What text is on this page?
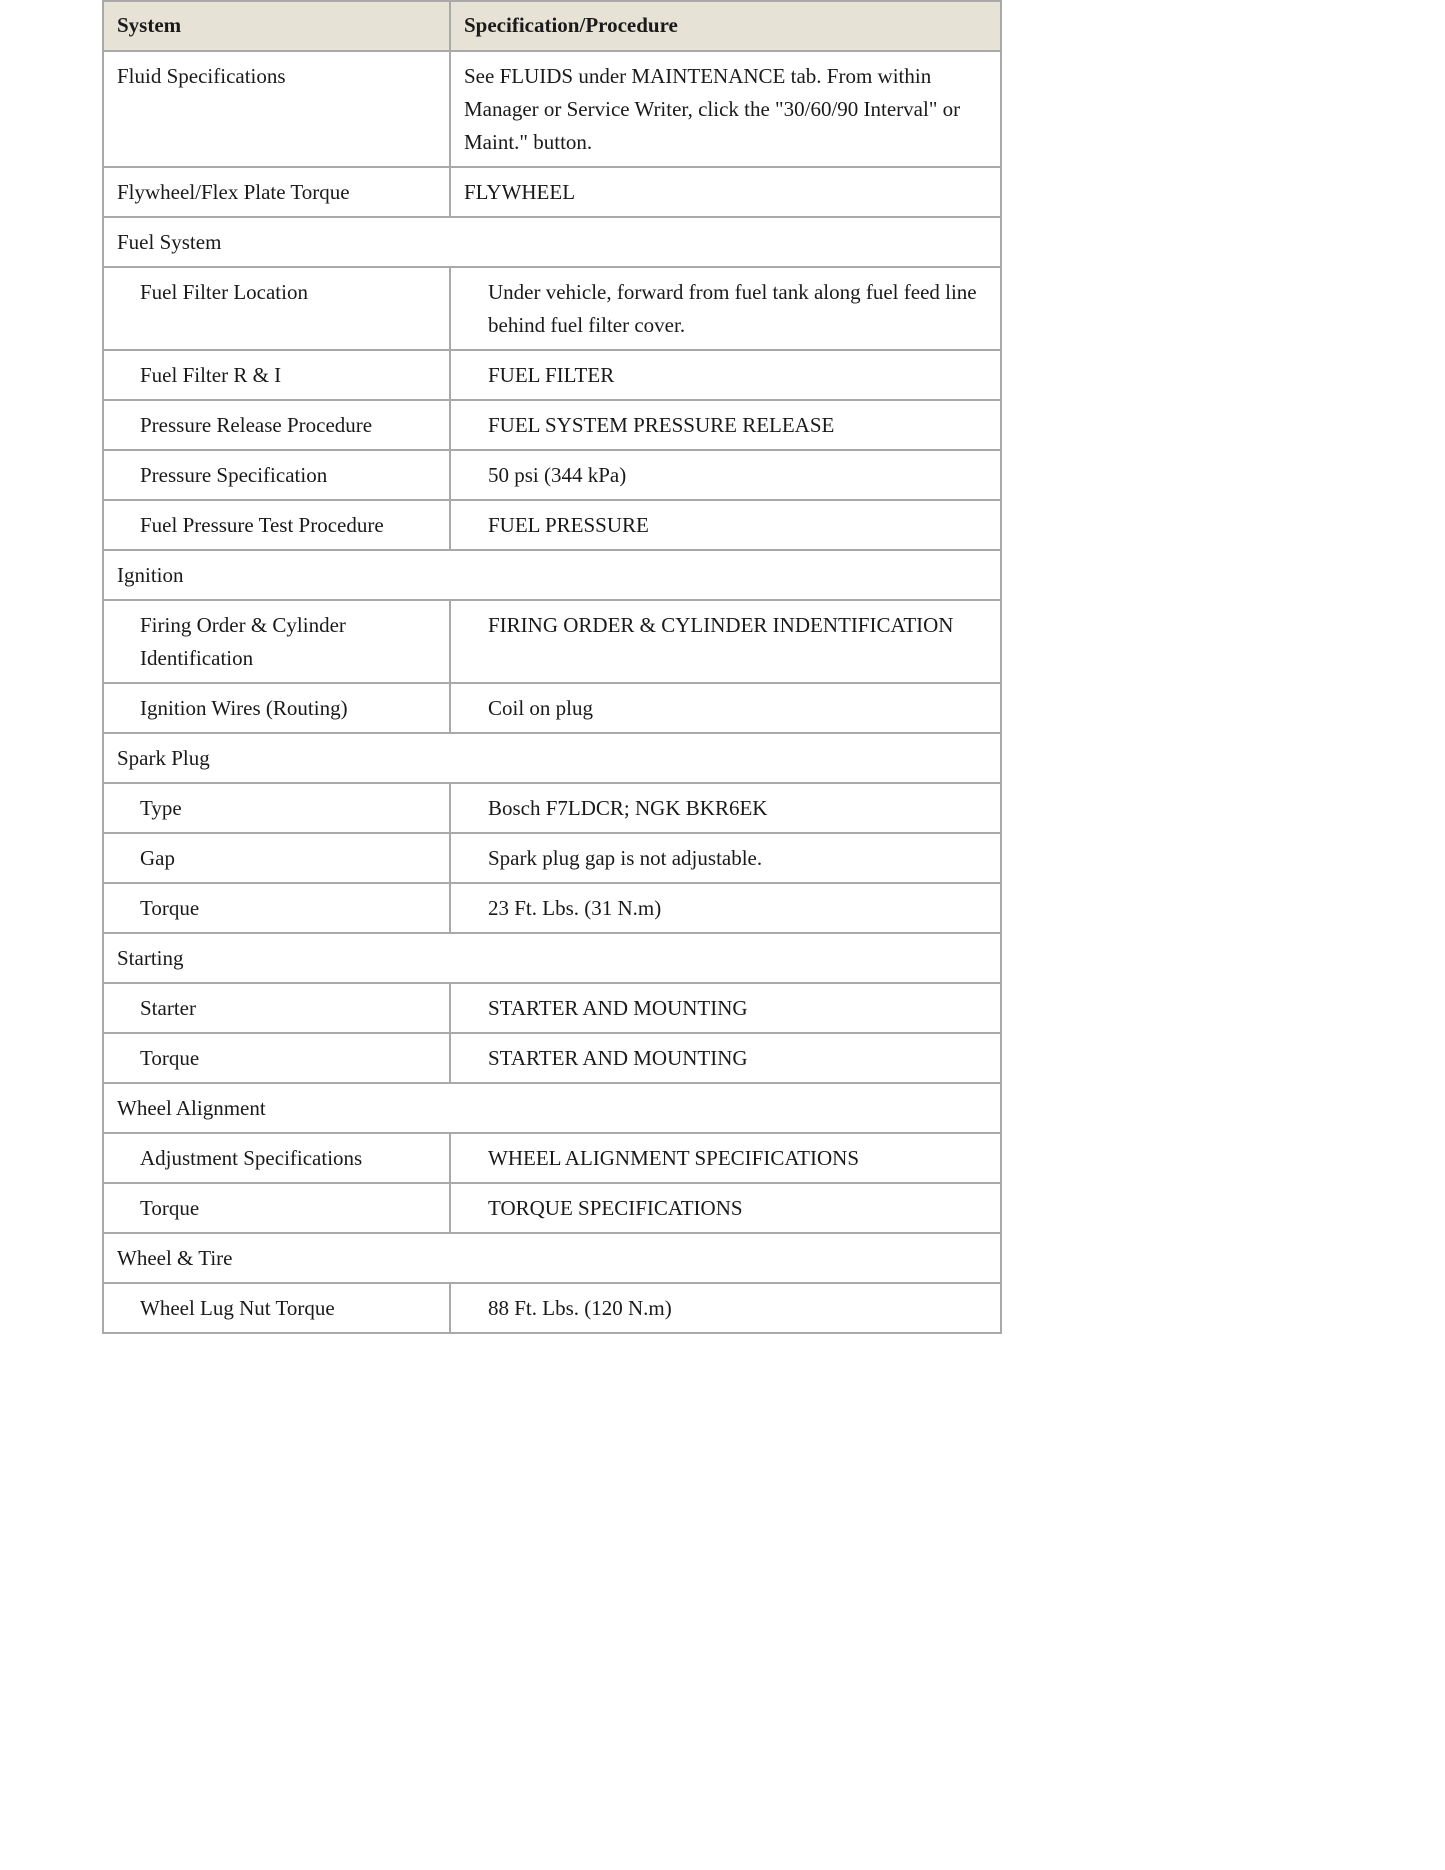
System	Specification/Procedure
Fluid Specifications	See FLUIDS under MAINTENANCE tab. From within Manager or Service Writer, click the "30/60/90 Interval" or Maint." button.
Flywheel/Flex Plate Torque	FLYWHEEL
Fuel System	
Fuel Filter Location	Under vehicle, forward from fuel tank along fuel feed line behind fuel filter cover.
Fuel Filter R & I	FUEL FILTER
Pressure Release Procedure	FUEL SYSTEM PRESSURE RELEASE
Pressure Specification	50 psi (344 kPa)
Fuel Pressure Test Procedure	FUEL PRESSURE
Ignition	
Firing Order & Cylinder Identification	FIRING ORDER & CYLINDER INDENTIFICATION
Ignition Wires (Routing)	Coil on plug
Spark Plug	
Type	Bosch F7LDCR; NGK BKR6EK
Gap	Spark plug gap is not adjustable.
Torque	23 Ft. Lbs. (31 N.m)
Starting	
Starter	STARTER AND MOUNTING
Torque	STARTER AND MOUNTING
Wheel Alignment	
Adjustment Specifications	WHEEL ALIGNMENT SPECIFICATIONS
Torque	TORQUE SPECIFICATIONS
Wheel & Tire	
Wheel Lug Nut Torque	88 Ft. Lbs. (120 N.m)
